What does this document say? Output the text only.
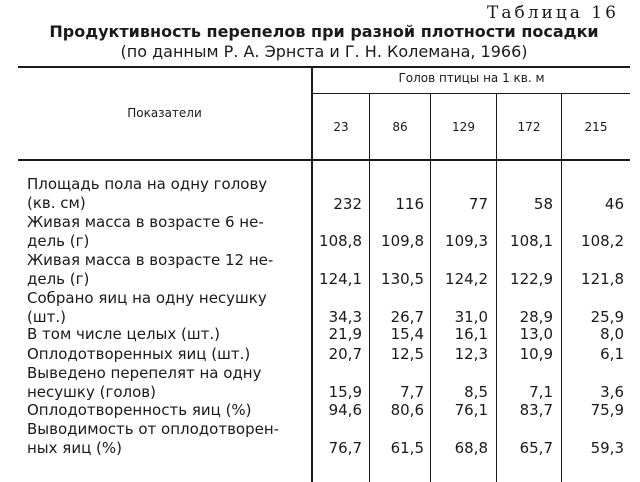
Таблица 16
Продуктивность перепелов при разной плотности посадки
(по данным Р. А. Эрнста и Г. Н. Колемана, 1966)
Показатели
Голов птицы на 1 кв. м
23	86	129	172	215
Площадь пола на одну голову
(кв. см)	232	116	77	58	46
Живая масса в возрасте 6 не-
дель (г)	108,8	109,8	109,3	108,1	108,2
Живая масса в возрасте 12 не-
дель (г)	124,1	130,5	124,2	122,9	121,8
Собрано яиц на одну несушку
(шт.)	34,3	26,7	31,0	28,9	25,9
В том числе целых (шт.)	21,9	15,4	16,1	13,0	8,0
Оплодотворенных яиц (шт.)	20,7	12,5	12,3	10,9	6,1
Выведено перепелят на одну
несушку (голов)	15,9	7,7	8,5	7,1	3,6
Оплодотворенность яиц (%)	94,6	80,6	76,1	83,7	75,9
Выводимость от оплодотворен-
ных яиц (%)	76,7	61,5	68,8	65,7	59,3
